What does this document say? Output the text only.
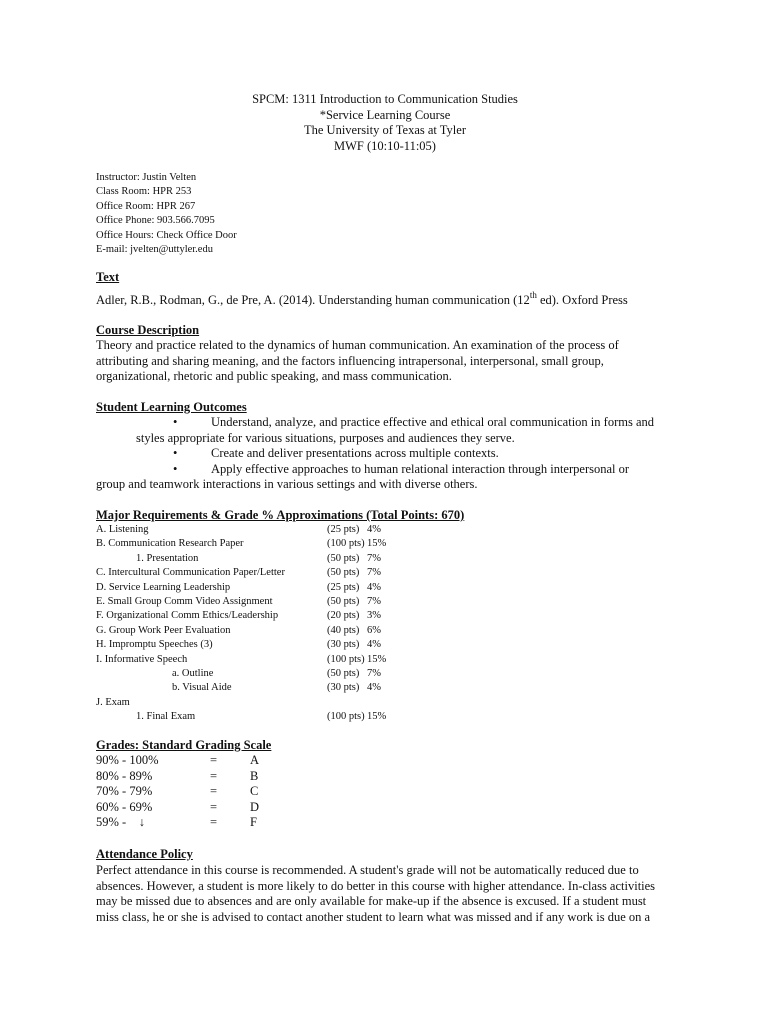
SPCM: 1311 Introduction to Communication Studies
*Service Learning Course
The University of Texas at Tyler
MWF (10:10-11:05)
Instructor: Justin Velten
Class Room: HPR 253
Office Room: HPR 267
Office Phone: 903.566.7095
Office Hours: Check Office Door
E-mail: jvelten@uttyler.edu
Text
Adler, R.B., Rodman, G., de Pre, A. (2014). Understanding human communication (12th ed). Oxford Press
Course Description
Theory and practice related to the dynamics of human communication. An examination of the process of
attributing and sharing meaning, and the factors influencing intrapersonal, interpersonal, small group,
organizational, rhetoric and public speaking, and mass communication.
Student Learning Outcomes
•	Understand, analyze, and practice effective and ethical oral communication in forms and
styles appropriate for various situations, purposes and audiences they serve.
•	Create and deliver presentations across multiple contexts.
•	Apply effective approaches to human relational interaction through interpersonal or
group and teamwork interactions in various settings and with diverse others.
Major Requirements & Grade % Approximations (Total Points: 670)
A. Listening	(25 pts) 4%
B. Communication Research Paper	(100 pts) 15%
1. Presentation	(50 pts) 7%
C. Intercultural Communication Paper/Letter	(50 pts) 7%
D. Service Learning Leadership	(25 pts) 4%
E. Small Group Comm Video Assignment	(50 pts) 7%
F. Organizational Comm Ethics/Leadership	(20 pts) 3%
G. Group Work Peer Evaluation	(40 pts) 6%
H. Impromptu Speeches (3)	(30 pts) 4%
I. Informative Speech	(100 pts) 15%
a. Outline	(50 pts) 7%
b. Visual Aide	(30 pts) 4%
J. Exam
1. Final Exam	(100 pts) 15%
Grades: Standard Grading Scale
90% - 100%	=	A
80% - 89%	=	B
70% - 79%	=	C
60% - 69%	=	D
59% -    ↓	=	F
Attendance Policy
Perfect attendance in this course is recommended. A student's grade will not be automatically reduced due to
absences. However, a student is more likely to do better in this course with higher attendance. In-class activities
may be missed due to absences and are only available for make-up if the absence is excused. If a student must
miss class, he or she is advised to contact another student to learn what was missed and if any work is due on a
